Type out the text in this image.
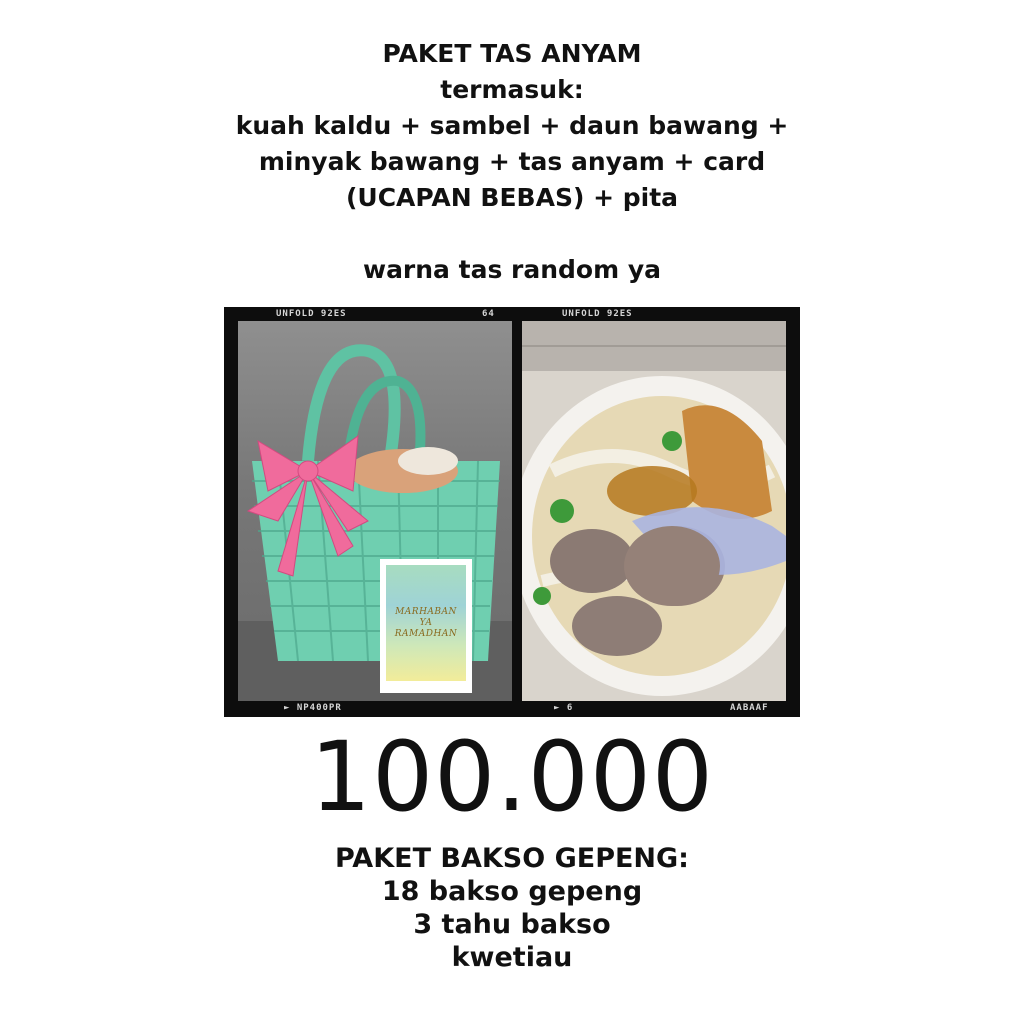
PAKET TAS ANYAM
termasuk:
kuah kaldu + sambel + daun bawang +
minyak bawang + tas anyam + card
(UCAPAN BEBAS) + pita
warna tas random ya
UNFOLD 92ES	64	UNFOLD 92ES
MARHABAN
YA
RAMADHAN
► NP400PR	► 6	AABAAF
100.000
PAKET BAKSO GEPENG:
18 bakso gepeng
3 tahu bakso
kwetiau
